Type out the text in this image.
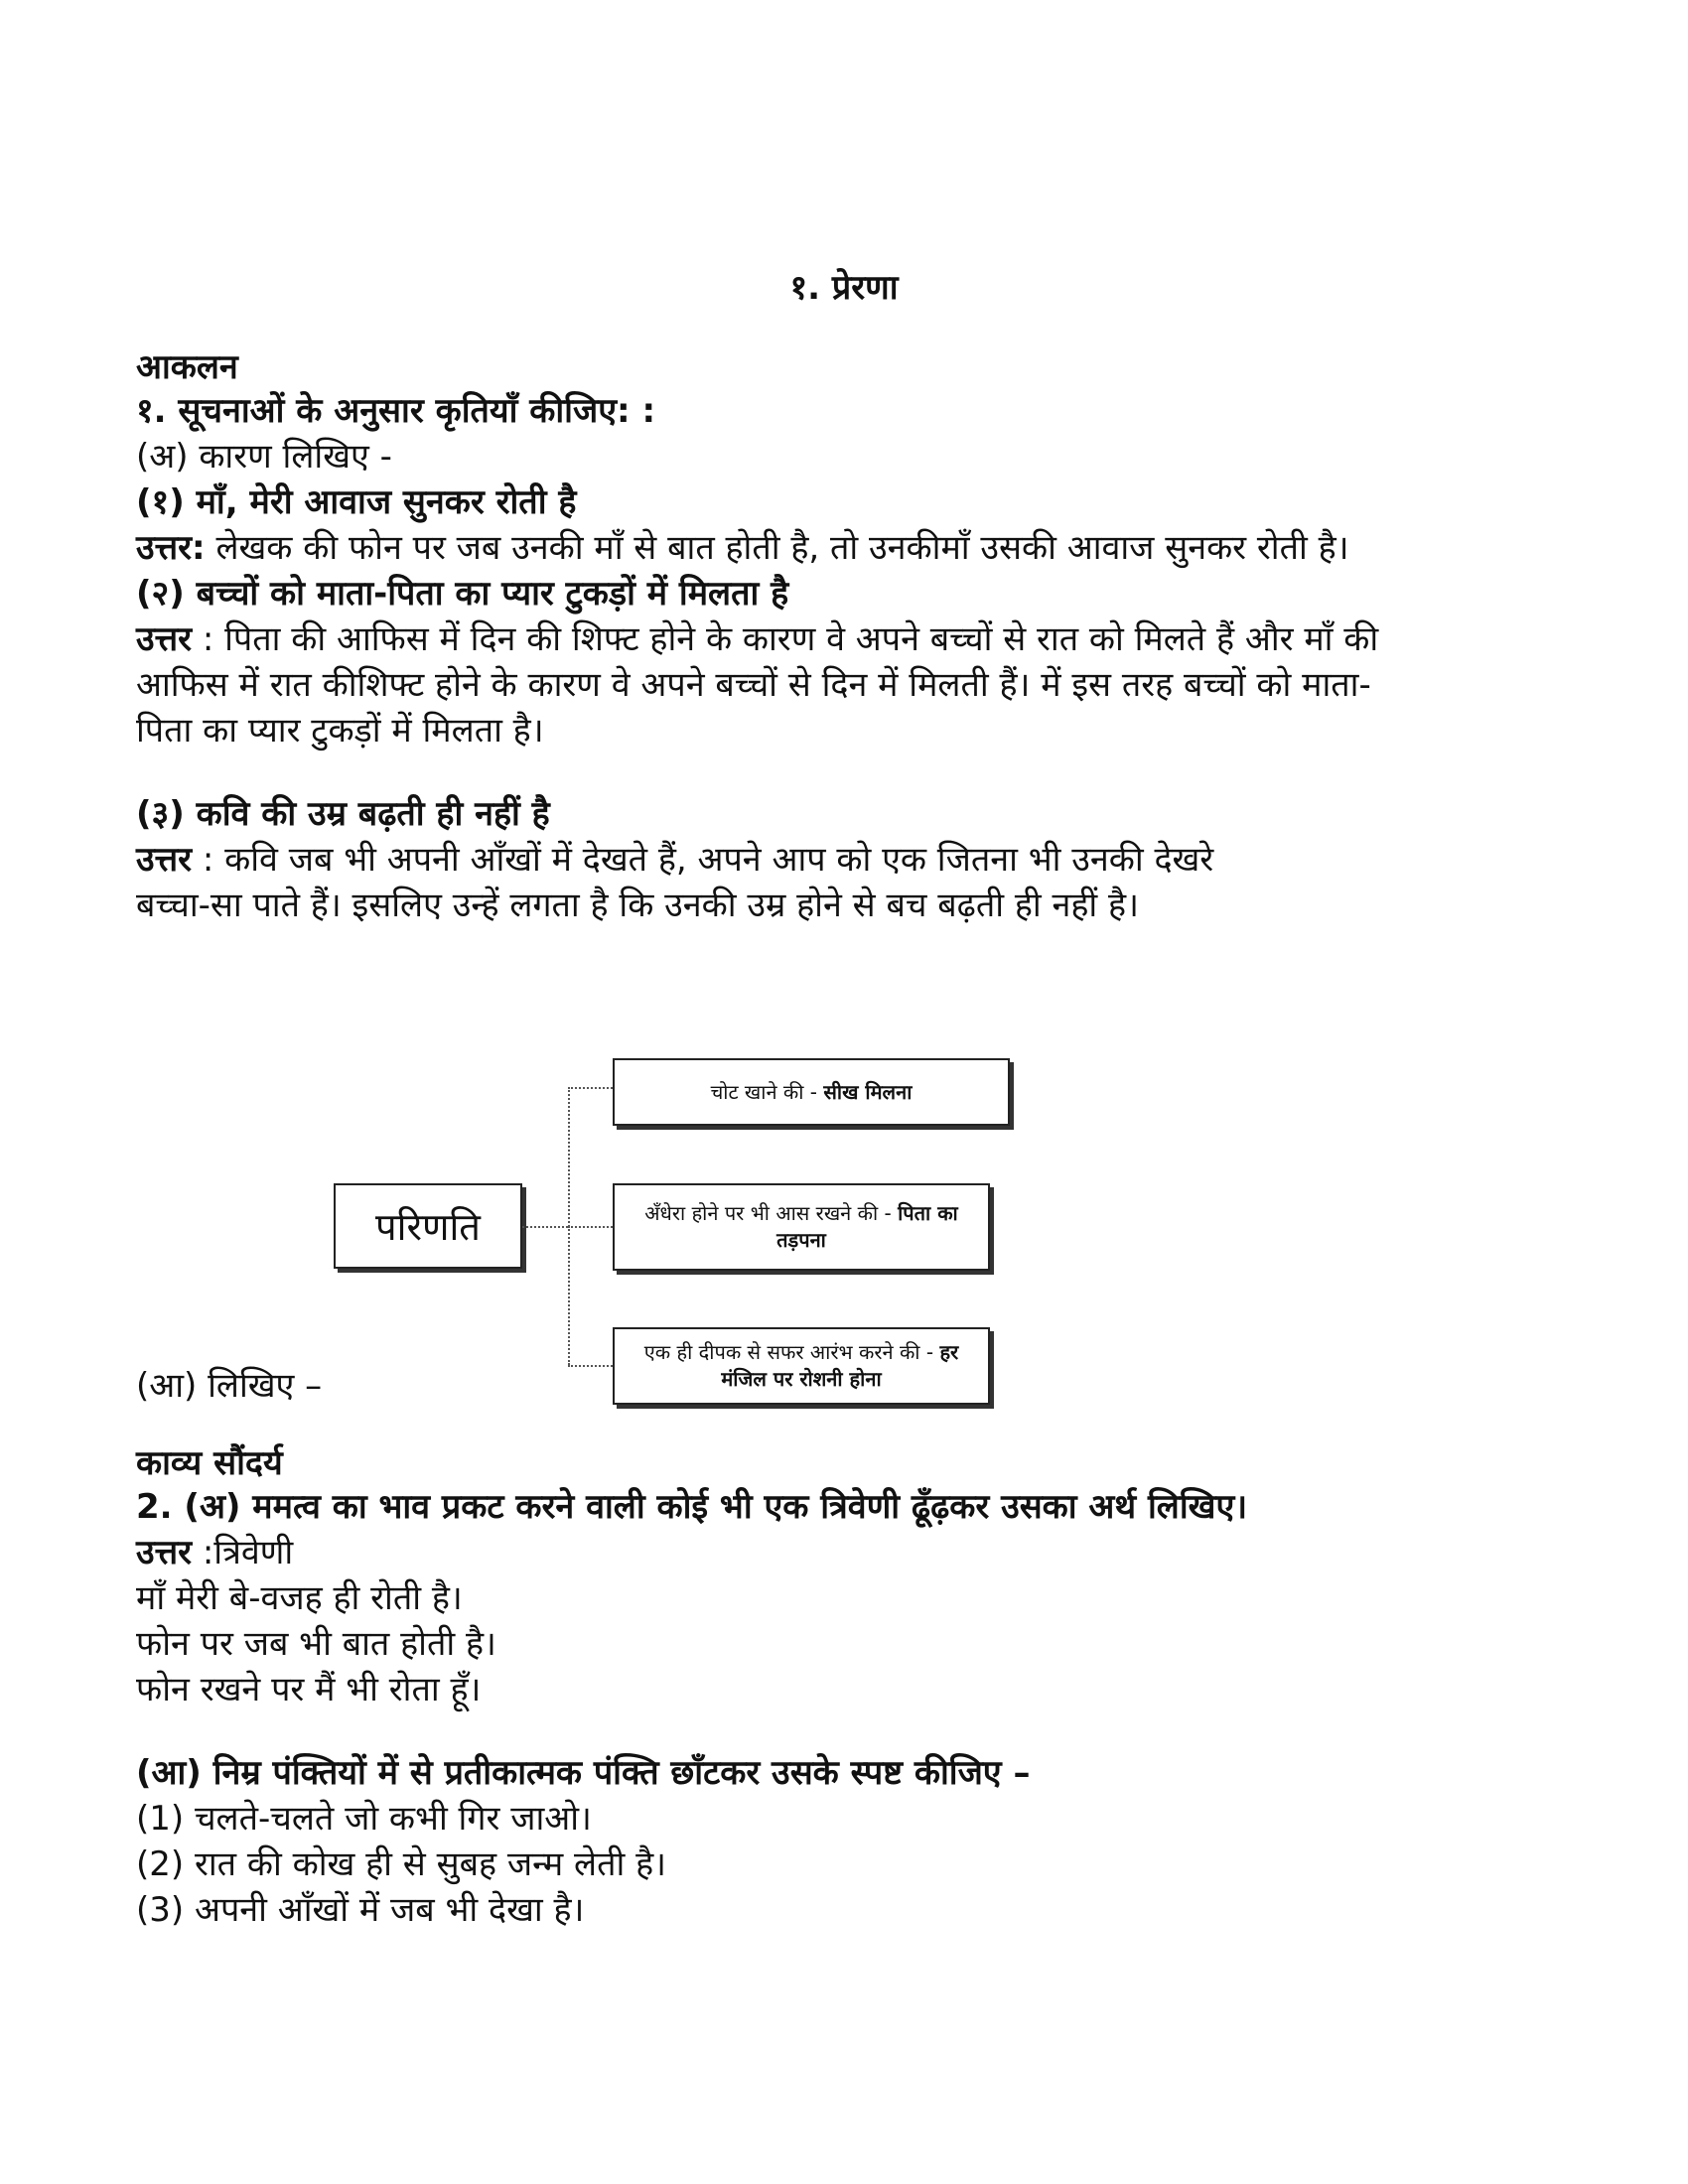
१. प्रेरणा
आकलन
१. सूचनाओं के अनुसार कृतियाँ कीजिए: :
(अ) कारण लिखिए -
(१) माँ, मेरी आवाज सुनकर रोती है
उत्तर: लेखक की फोन पर जब उनकी माँ से बात होती है, तो उनकीमाँ उसकी आवाज सुनकर रोती है।
(२) बच्चों को माता-पिता का प्यार टुकड़ों में मिलता है
उत्तर : पिता की आफिस में दिन की शिफ्ट होने के कारण वे अपने बच्चों से रात को मिलते हैं और माँ की
आफिस में रात कीशिफ्ट होने के कारण वे अपने बच्चों से दिन में मिलती हैं। में इस तरह बच्चों को माता-
पिता का प्यार टुकड़ों में मिलता है।
(३) कवि की उम्र बढ़ती ही नहीं है
उत्तर : कवि जब भी अपनी आँखों में देखते हैं, अपने आप को एक जितना भी उनकी देखरे
बच्चा-सा पाते हैं। इसलिए उन्हें लगता है कि उनकी उम्र होने से बच बढ़ती ही नहीं है।
परिणति
चोट खाने की - सीख मिलना
अँधेरा होने पर भी आस रखने की - पिता का तड़पना
एक ही दीपक से सफर आरंभ करने की - हर मंजिल पर रोशनी होना
(आ) लिखिए –
काव्य सौंदर्य
2. (अ) ममत्व का भाव प्रकट करने वाली कोई भी एक त्रिवेणी ढूँढ़कर उसका अर्थ लिखिए।
उत्तर :त्रिवेणी
माँ मेरी बे-वजह ही रोती है।
फोन पर जब भी बात होती है।
फोन रखने पर मैं भी रोता हूँ।
(आ) निम्र पंक्तियों में से प्रतीकात्मक पंक्ति छाँटकर उसके स्पष्ट कीजिए –
(1) चलते-चलते जो कभी गिर जाओ।
(2) रात की कोख ही से सुबह जन्म लेती है।
(3) अपनी आँखों में जब भी देखा है।
